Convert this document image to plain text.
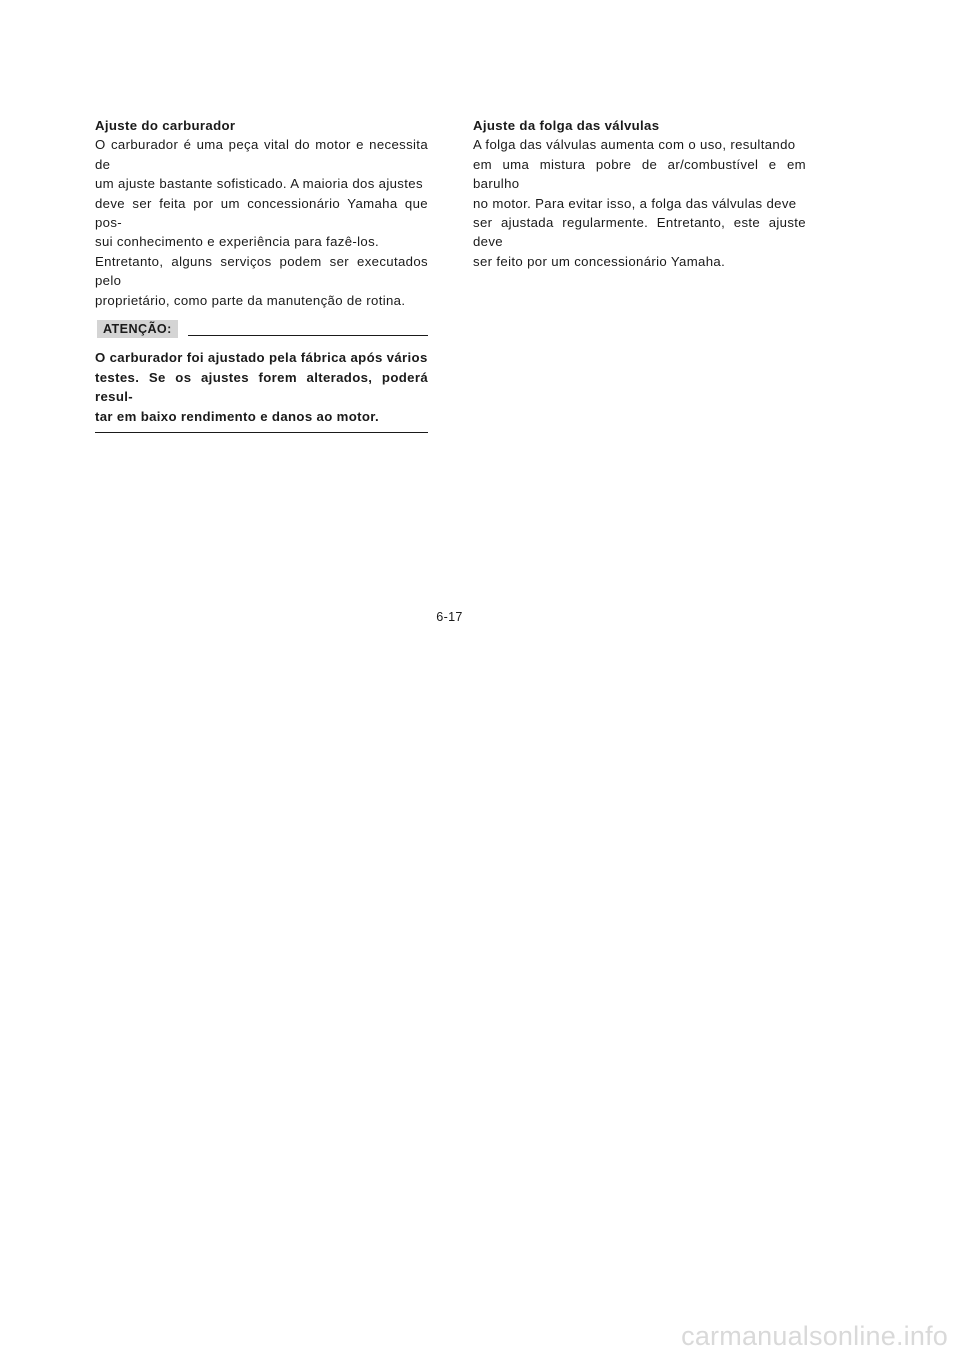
Ajuste do carburador

O carburador é uma peça vital do motor e necessita de

um ajuste bastante sofisticado. A maioria dos ajustes

deve ser feita por um concessionário Yamaha que pos-

sui conhecimento e experiência para fazê-los.

Entretanto, alguns serviços podem ser executados pelo

proprietário, como parte da manutenção de rotina.

ATENÇÃO:

O carburador foi ajustado pela fábrica após vários

testes. Se os ajustes forem alterados, poderá resul-

tar em baixo rendimento e danos ao motor.

Ajuste da folga das válvulas

A folga das válvulas aumenta com o uso, resultando

em uma mistura pobre de ar/combustível e em barulho

no motor. Para evitar isso, a folga das válvulas deve

ser ajustada regularmente. Entretanto, este ajuste deve

ser feito por um concessionário Yamaha.

6-17
carmanualsonline.info
